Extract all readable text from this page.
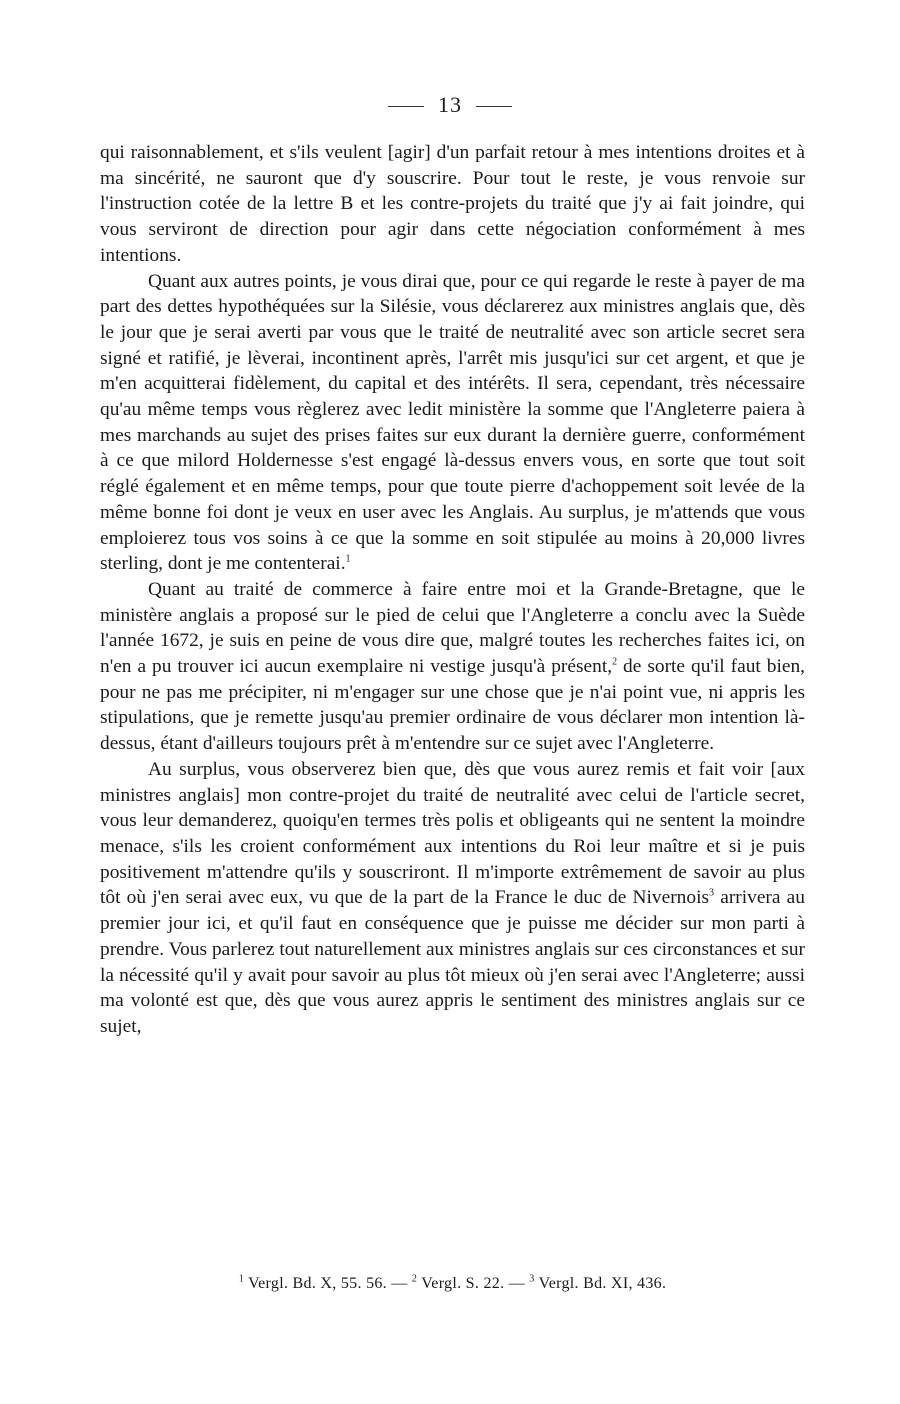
13

qui raisonnablement, et s'ils veulent [agir] d'un parfait retour à mes intentions droites et à ma sincérité, ne sauront que d'y souscrire. Pour tout le reste, je vous renvoie sur l'instruction cotée de la lettre B et les contre-projets du traité que j'y ai fait joindre, qui vous serviront de direction pour agir dans cette négociation conformément à mes intentions.

Quant aux autres points, je vous dirai que, pour ce qui regarde le reste à payer de ma part des dettes hypothéquées sur la Silésie, vous déclarerez aux ministres anglais que, dès le jour que je serai averti par vous que le traité de neutralité avec son article secret sera signé et ratifié, je lèverai, incontinent après, l'arrêt mis jusqu'ici sur cet argent, et que je m'en acquitterai fidèlement, du capital et des intérêts. Il sera, cependant, très nécessaire qu'au même temps vous règlerez avec ledit ministère la somme que l'Angleterre paiera à mes marchands au sujet des prises faites sur eux durant la dernière guerre, conformément à ce que milord Holdernesse s'est engagé là-dessus envers vous, en sorte que tout soit réglé également et en même temps, pour que toute pierre d'achoppement soit levée de la même bonne foi dont je veux en user avec les Anglais. Au surplus, je m'attends que vous emploierez tous vos soins à ce que la somme en soit stipulée au moins à 20,000 livres sterling, dont je me contenterai.$^1$

Quant au traité de commerce à faire entre moi et la Grande-Bretagne, que le ministère anglais a proposé sur le pied de celui que l'Angleterre a conclu avec la Suède l'année 1672, je suis en peine de vous dire que, malgré toutes les recherches faites ici, on n'en a pu trouver ici aucun exemplaire ni vestige jusqu'à présent,$^2$ de sorte qu'il faut bien, pour ne pas me précipiter, ni m'engager sur une chose que je n'ai point vue, ni appris les stipulations, que je remette jusqu'au premier ordinaire de vous déclarer mon intention là-dessus, étant d'ailleurs toujours prêt à m'entendre sur ce sujet avec l'Angleterre.

Au surplus, vous observerez bien que, dès que vous aurez remis et fait voir [aux ministres anglais] mon contre-projet du traité de neutralité avec celui de l'article secret, vous leur demanderez, quoiqu'en termes très polis et obligeants qui ne sentent la moindre menace, s'ils les croient conformément aux intentions du Roi leur maître et si je puis positivement m'attendre qu'ils y souscriront. Il m'importe extrêmement de savoir au plus tôt où j'en serai avec eux, vu que de la part de la France le duc de Nivernois$^3$ arrivera au premier jour ici, et qu'il faut en conséquence que je puisse me décider sur mon parti à prendre. Vous parlerez tout naturellement aux ministres anglais sur ces circonstances et sur la nécessité qu'il y avait pour savoir au plus tôt mieux où j'en serai avec l'Angleterre; aussi ma volonté est que, dès que vous aurez appris le sentiment des ministres anglais sur ce sujet,

$^1$ Vergl. Bd. X, 55. 56. — $^2$ Vergl. S. 22. — $^3$ Vergl. Bd. XI, 436.
